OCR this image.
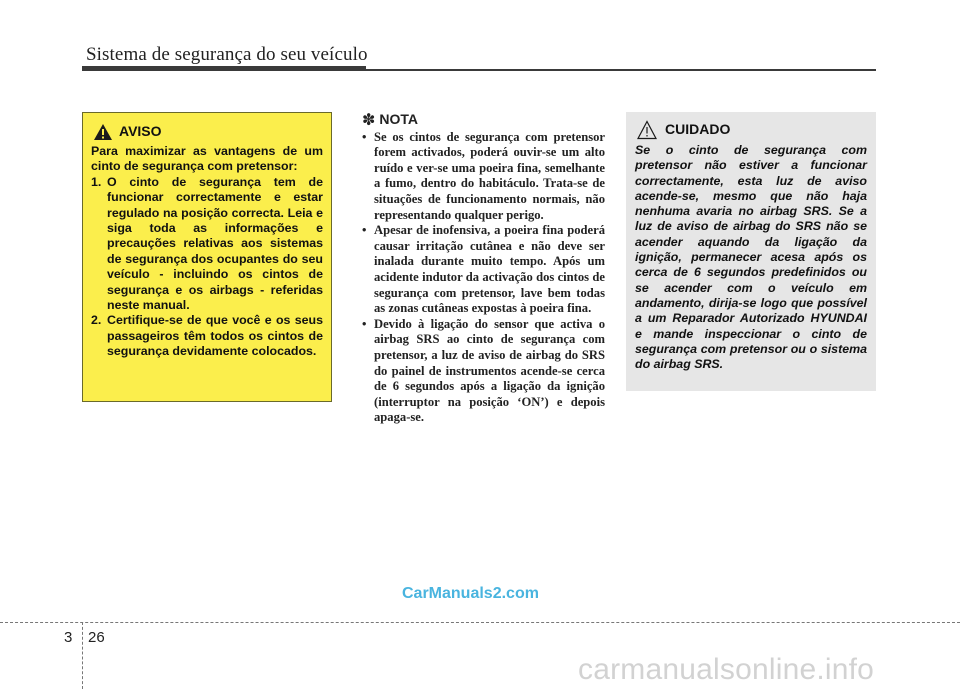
Sistema de segurança do seu veículo
AVISO

Para maximizar as vantagens de um cinto de segurança com pretensor:

1. O cinto de segurança tem de funcionar correctamente e estar regulado na posição correcta. Leia e siga toda as informações e precauções relativas aos sistemas de segurança dos ocupantes do seu veículo - incluindo os cintos de segurança e os airbags - referidas neste manual.
2. Certifique-se de que você e os seus passageiros têm todos os cintos de segurança devidamente colocados.
✽ NOTA
• Se os cintos de segurança com pretensor forem activados, poderá ouvir-se um alto ruído e ver-se uma poeira fina, semelhante a fumo, dentro do habitáculo. Trata-se de situações de funcionamento normais, não representando qualquer perigo.
• Apesar de inofensiva, a poeira fina poderá causar irritação cutânea e não deve ser inalada durante muito tempo. Após um acidente indutor da activação dos cintos de segurança com pretensor, lave bem todas as zonas cutâneas expostas à poeira fina.
• Devido à ligação do sensor que activa o airbag SRS ao cinto de segurança com pretensor, a luz de aviso de airbag do SRS do painel de instrumentos acende-se cerca de 6 segundos após a ligação da ignição (interruptor na posição ‘ON’) e depois apaga-se.
CUIDADO

Se o cinto de segurança com pretensor não estiver a funcionar correctamente, esta luz de aviso acende-se, mesmo que não haja nenhuma avaria no airbag SRS. Se a luz de aviso de airbag do SRS não se acender aquando da ligação da ignição, permanecer acesa após os cerca de 6 segundos predefinidos ou se acender com o veículo em andamento, dirija-se logo que possível a um Reparador Autorizado HYUNDAI e mande inspeccionar o cinto de segurança com pretensor ou o sistema do airbag SRS.

CarManuals2.com
3 26
carmanualsonline.info
